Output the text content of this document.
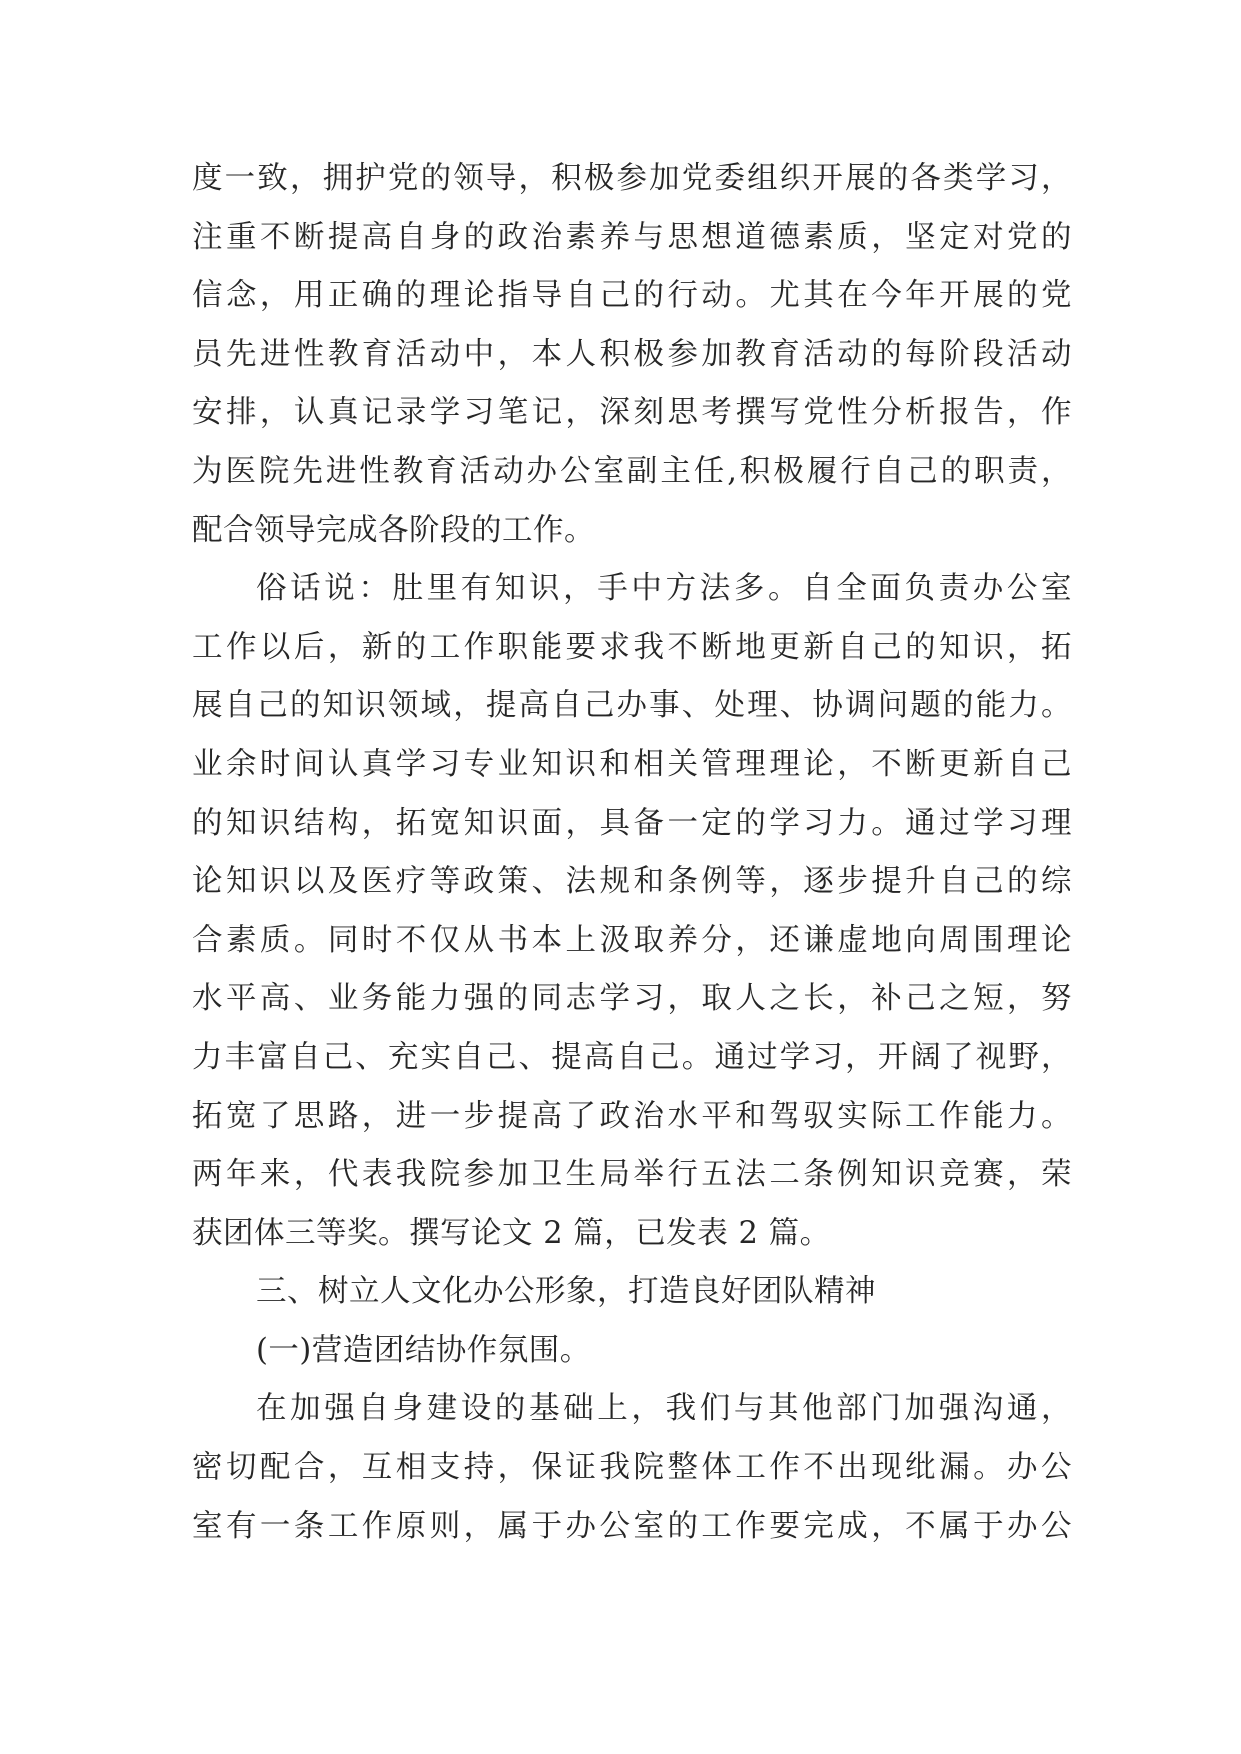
度一致，拥护党的领导，积极参加党委组织开展的各类学习，
注重不断提高自身的政治素养与思想道德素质，坚定对党的
信念，用正确的理论指导自己的行动。尤其在今年开展的党
员先进性教育活动中，本人积极参加教育活动的每阶段活动
安排，认真记录学习笔记，深刻思考撰写党性分析报告，作
为医院先进性教育活动办公室副主任,积极履行自己的职责，
配合领导完成各阶段的工作。
俗话说：肚里有知识，手中方法多。自全面负责办公室
工作以后，新的工作职能要求我不断地更新自己的知识，拓
展自己的知识领域，提高自己办事、处理、协调问题的能力。
业余时间认真学习专业知识和相关管理理论，不断更新自己
的知识结构，拓宽知识面，具备一定的学习力。通过学习理
论知识以及医疗等政策、法规和条例等，逐步提升自己的综
合素质。同时不仅从书本上汲取养分，还谦虚地向周围理论
水平高、业务能力强的同志学习，取人之长，补己之短，努
力丰富自己、充实自己、提高自己。通过学习，开阔了视野，
拓宽了思路，进一步提高了政治水平和驾驭实际工作能力。
两年来，代表我院参加卫生局举行五法二条例知识竞赛，荣
获团体三等奖。撰写论文 2 篇，已发表 2 篇。
三、树立人文化办公形象，打造良好团队精神
(一)营造团结协作氛围。
在加强自身建设的基础上，我们与其他部门加强沟通，
密切配合，互相支持，保证我院整体工作不出现纰漏。办公
室有一条工作原则，属于办公室的工作要完成，不属于办公
